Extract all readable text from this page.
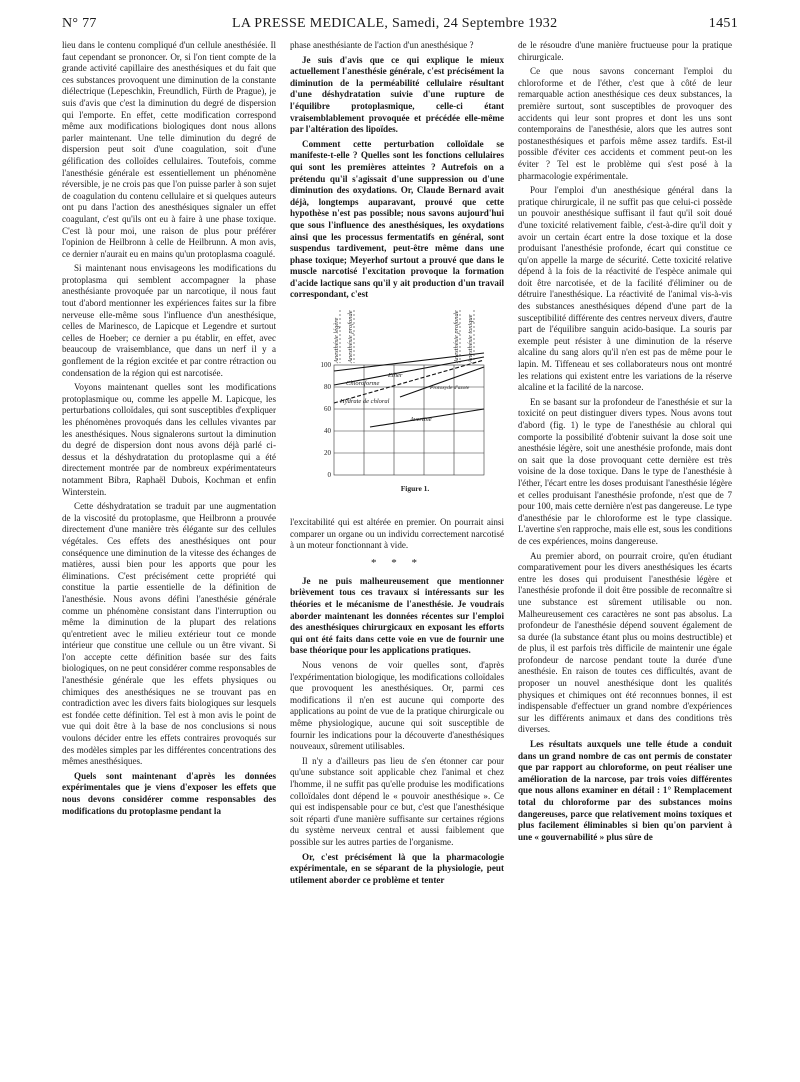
N° 77	LA PRESSE MEDICALE, Samedi, 24 Septembre 1932	1451

lieu dans le contenu compliqué d'un cellule anesthésiée. Il faut cependant se prononcer. Or, si l'on tient compte de la grande activité capillaire des anesthésiques et du fait que ces substances provoquent une diminution de la constante diélectrique (Lepeschkin, Freundlich, Fürth de Prague), je suis d'avis que c'est la diminution du degré de dispersion qui l'emporte. En effet, cette modification correspond même aux modifications biologiques dont nous allons parler maintenant. Une telle diminution du degré de dispersion peut soit d'une coagulation, soit d'une gélification des colloïdes cellulaires. Toutefois, comme l'anesthésie générale est essentiellement un phénomène réversible, je ne crois pas que l'on puisse parler à son sujet de coagulation du contenu cellulaire et si quelques auteurs ont pu dans l'action des anesthésiques signaler un effet coagulant, c'est qu'ils ont eu à faire à une phase toxique. C'est là pour moi, une raison de plus pour préférer l'opinion de Heilbronn à celle de Heilbrunn. A mon avis, ce dernier n'aurait eu en mains qu'un protoplasma coagulé.

Si maintenant nous envisageons les modifications du protoplasma qui semblent accompagner la phase anesthésiante provoquée par un narcotique, il nous faut tout d'abord mentionner les expériences faites sur la fibre nerveuse elle-même sous l'influence d'un anesthésique, celles de Marinesco, de Lapicque et Legendre et surtout celles de Hoeber; ce dernier a pu établir, en effet, avec beaucoup de vraisemblance, que dans un nerf il y a gonflement de la région excitée et par contre rétraction ou condensation de la région qui est narcotisée.

Voyons maintenant quelles sont les modifications protoplasmique ou, comme les appelle M. Lapicque, les perturbations colloïdales, qui sont susceptibles d'expliquer les phénomènes provoqués dans les cellules vivantes par les anesthésiques. Nous signalerons surtout la diminution du degré de dispersion dont nous avons déjà parlé ci-dessus et la déshydratation du protoplasme qui a été directement montrée par de nombreux expérimentateurs notamment Bibra, Raphaël Dubois, Kochman et enfin Winterstein.

Cette déshydratation se traduit par une augmentation de la viscosité du protoplasme, que Heilbronn a prouvée directement d'une manière très élégante sur des cellules végétales. Ces effets des anesthésiques ont pour conséquence une diminution de la vitesse des échanges de matières, aussi bien pour les apports que pour les éliminations. C'est précisément cette propriété qui constitue la partie essentielle de la définition de l'anesthésie. Nous avons défini l'anesthésie générale comme un phénomène consistant dans l'interruption ou même la diminution de la plupart des relations qu'entretient avec le milieu extérieur tout ce monde intérieur que constitue une cellule ou un être vivant. Si l'on accepte cette définition basée sur des faits biologiques, on ne peut considérer comme responsables de l'anesthésie générale que les effets physiques ou chimiques des anesthésiques ne se trouvant pas en contradiction avec les divers faits biologiques sur lesquels est fondée cette définition. Tel est à mon avis le point de vue qui doit être à la base de nos conclusions si nous voulons décider entre les effets contraires provoqués sur des modèles simples par les différentes concentrations des mêmes anesthésiques.

Quels sont maintenant d'après les données expérimentales que je viens d'exposer les effets que nous devons considérer comme responsables des modifications du protoplasme pendant la

phase anesthésiante de l'action d'un anesthésique ?

Je suis d'avis que ce qui explique le mieux actuellement l'anesthésie générale, c'est précisément la diminution de la perméabilité cellulaire résultant d'une déshydratation suivie d'une rupture de l'équilibre protoplasmique, celle-ci étant vraisemblablement provoquée et précédée elle-même par l'altération des lipoïdes.

Comment cette perturbation colloïdale se manifeste-t-elle ? Quelles sont les fonctions cellulaires qui sont les premières atteintes ? Autrefois on a prétendu qu'il s'agissait d'une suppression ou d'une diminution des oxydations. Or, Claude Bernard avait déjà, longtemps auparavant, prouvé que cette hypothèse n'est pas possible; nous savons aujourd'hui que sous l'influence des anesthésiques, les oxydations ainsi que les processus fermentatifs en général, sont suspendus tardivement, peut-être même dans une phase toxique; Meyerhof surtout a prouvé que dans le muscle narcotisé l'excitation provoque la formation d'acide lactique sans qu'il y ait production d'un travail correspondant, c'est

Anesthésie légère Anesthésie profonde	Anesthésie profonde Anesthésie toxique
Ether
Chloroforme
Hydrate de chloral
Avertine
Protoxyde d'azote
100
80
60
40
20
0
Figure 1.

l'excitabilité qui est altérée en premier. On pourrait ainsi comparer un organe ou un individu correctement narcotisé à un moteur fonctionnant à vide.

* * *

Je ne puis malheureusement que mentionner brièvement tous ces travaux si intéressants sur les théories et le mécanisme de l'anesthésie. Je voudrais aborder maintenant les données récentes sur l'emploi des anesthésiques chirurgicaux en exposant les efforts qui ont été faits dans cette voie en vue de fournir une base théorique pour les applications pratiques.

Nous venons de voir quelles sont, d'après l'expérimentation biologique, les modifications colloïdales que provoquent les anesthésiques. Or, parmi ces modifications il n'en est aucune qui comporte des applications au point de vue de la pratique chirurgicale ou même physiologique, aucune qui soit susceptible de fournir les indications pour la découverte d'anesthésiques nouveaux, sûrement utilisables.

Il n'y a d'ailleurs pas lieu de s'en étonner car pour qu'une substance soit applicable chez l'animal et chez l'homme, il ne suffit pas qu'elle produise les modifications colloïdales dont dépend le « pouvoir anesthésique ». Ce qui est indispensable pour ce but, c'est que l'anesthésique soit réparti d'une manière suffisante sur certaines régions du système nerveux central et aussi faiblement que possible sur les autres parties de l'organisme.

Or, c'est précisément là que la pharmacologie expérimentale, en se séparant de la physiologie, peut utilement aborder ce problème et tenter

de le résoudre d'une manière fructueuse pour la pratique chirurgicale.

Ce que nous savons concernant l'emploi du chloroforme et de l'éther, c'est que à côté de leur remarquable action anesthésique ces deux substances, la première surtout, sont susceptibles de provoquer des accidents qui leur sont propres et dont les uns sont contemporains de l'anesthésie, alors que les autres sont postanesthésiques et parfois même assez tardifs. Est-il possible d'éviter ces accidents et comment peut-on les éviter ? Tel est le problème qui s'est posé à la pharmacologie expérimentale.

Pour l'emploi d'un anesthésique général dans la pratique chirurgicale, il ne suffit pas que celui-ci possède un pouvoir anesthésique suffisant il faut qu'il soit doué d'une toxicité relativement faible, c'est-à-dire qu'il doit y avoir un certain écart entre la dose toxique et la dose produisant l'anesthésie profonde, écart qui constitue ce qu'on appelle la marge de sécurité. Cette toxicité relative dépend à la fois de la réactivité de l'espèce animale qui doit être narcotisée, et de la facilité d'éliminer ou de détruire l'anesthésique. La réactivité de l'animal vis-à-vis des substances anesthésiques dépend d'une part de la susceptibilité différente des centres nerveux divers, d'autre part de l'équilibre sanguin acido-basique. La souris par exemple peut résister à une diminution de la réserve alcaline du sang alors qu'il n'en est pas de même pour le lapin. M. Tiffeneau et ses collaborateurs nous ont montré les relations qui existent entre les variations de la réserve alcaline et la facilité de la narcose.

En se basant sur la profondeur de l'anesthésie et sur la toxicité on peut distinguer divers types. Nous avons tout d'abord (fig. 1) le type de l'anesthésie au chloral qui comporte la possibilité d'obtenir suivant la dose soit une anesthésie légère, soit une anesthésie profonde, mais dont on sait que la dose provoquant cette dernière est très voisine de la dose toxique. Dans le type de l'anesthésie à l'éther, l'écart entre les doses produisant l'anesthésie légère et celles produisant l'anesthésie profonde, n'est que de 7 pour 100, mais cette dernière n'est pas dangereuse. Le type d'anesthésie par le chloroforme est le type classique. L'avertine s'en rapproche, mais elle est, sous les conditions de ces expériences, moins dangereuse.

Au premier abord, on pourrait croire, qu'en étudiant comparativement pour les divers anesthésiques les écarts entre les doses qui produisent l'anesthésie légère et l'anesthésie profonde il doit être possible de reconnaître si une substance est sûrement utilisable ou non. Malheureusement ces caractères ne sont pas absolus. La profondeur de l'anesthésie dépend souvent également de sa durée (la substance étant plus ou moins destructible) et de plus, il est parfois très difficile de maintenir une égale profondeur de narcose pendant toute la durée d'une anesthésie. En raison de toutes ces difficultés, avant de proposer un nouvel anesthésique dont les qualités physiques et chimiques ont été reconnues bonnes, il est indispensable d'effectuer un grand nombre d'expériences sur les différents animaux et dans des conditions très diverses.

Les résultats auxquels une telle étude a conduit dans un grand nombre de cas ont permis de constater que par rapport au chloroforme, on peut réaliser une amélioration de la narcose, par trois voies différentes que nous allons examiner en détail : 1° Remplacement total du chloroforme par des substances moins dangereuses, parce que relativement moins toxiques et plus facilement éliminables si bien qu'on parvient à une « gouvernabilité » plus sûre de
